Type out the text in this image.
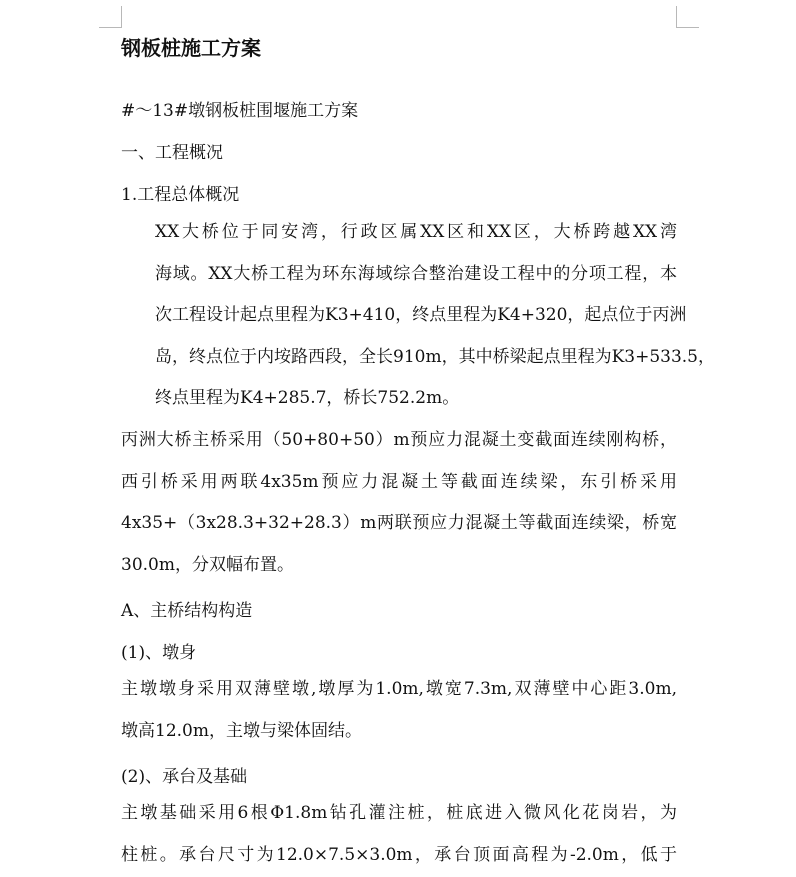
钢板桩施工方案
#～13#墩钢板桩围堰施工方案
一、工程概况
1.工程总体概况
XX大桥位于同安湾，行政区属XX区和XX区，大桥跨越XX湾
海域。XX大桥工程为环东海域综合整治建设工程中的分项工程，本
次工程设计起点里程为K3+410，终点里程为K4+320，起点位于丙洲
岛，终点位于内垵路西段，全长910m，其中桥梁起点里程为K3+533.5，
终点里程为K4+285.7，桥长752.2m。
丙洲大桥主桥采用（50+80+50）m预应力混凝土变截面连续刚构桥，
西引桥采用两联4x35m预应力混凝土等截面连续梁，东引桥采用
4x35+（3x28.3+32+28.3）m两联预应力混凝土等截面连续梁，桥宽
30.0m，分双幅布置。
A、主桥结构构造
(1)、墩身
主墩墩身采用双薄壁墩,墩厚为1.0m,墩宽7.3m,双薄壁中心距3.0m,
墩高12.0m，主墩与梁体固结。
(2)、承台及基础
主墩基础采用6根Φ1.8m钻孔灌注桩，桩底进入微风化花岗岩，为
柱桩。承台尺寸为12.0×7.5×3.0m，承台顶面高程为-2.0m，低于
